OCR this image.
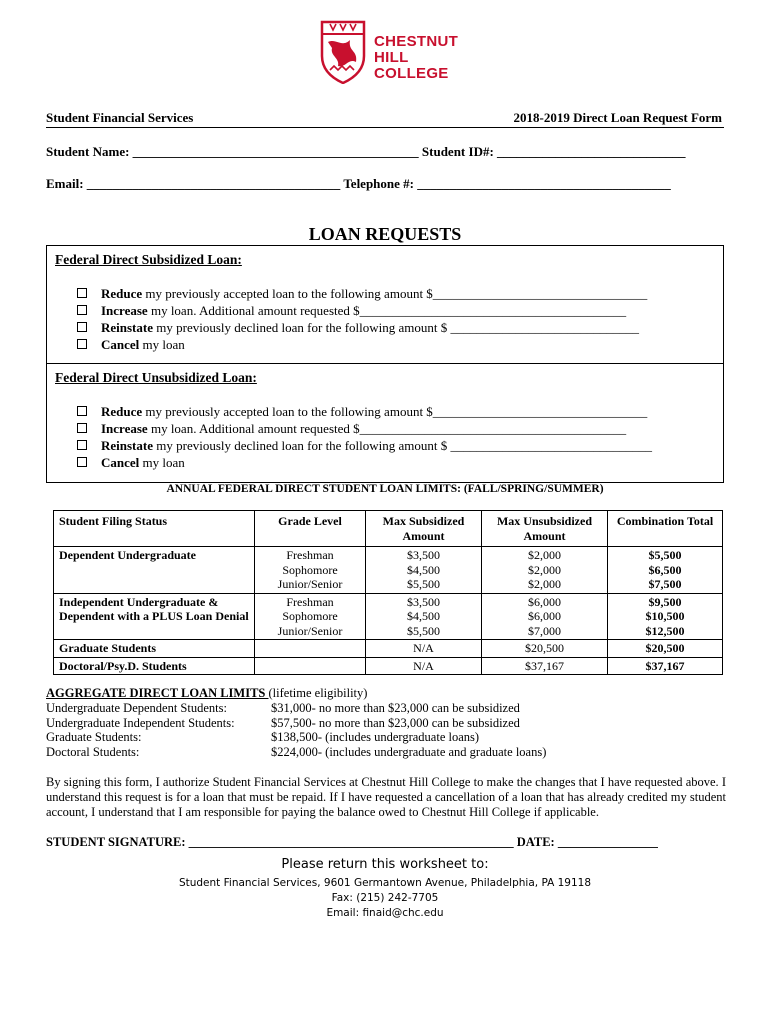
CHESTNUT
HILL
COLLEGE
Student Financial Services	2018-2019 Direct Loan Request Form
Student Name: ____________________________________________ Student ID#: _____________________________
Email: _______________________________________ Telephone #: _______________________________________
LOAN REQUESTS
Federal Direct Subsidized Loan:
Reduce my previously accepted loan to the following amount $_________________________________
Increase my loan. Additional amount requested $_________________________________________
Reinstate my previously declined loan for the following amount $ _____________________________
Cancel my loan
Federal Direct Unsubsidized Loan:
Reduce my previously accepted loan to the following amount $_________________________________
Increase my loan. Additional amount requested $_________________________________________
Reinstate my previously declined loan for the following amount $ _______________________________
Cancel my loan
ANNUAL FEDERAL DIRECT STUDENT LOAN LIMITS: (FALL/SPRING/SUMMER)
Student Filing Status	Grade Level	Max Subsidized Amount	Max Unsubsidized Amount	Combination Total
Dependent Undergraduate	Freshman
Sophomore
Junior/Senior	$3,500
$4,500
$5,500	$2,000
$2,000
$2,000	$5,500
$6,500
$7,500
Independent Undergraduate & Dependent with a PLUS Loan Denial	Freshman
Sophomore
Junior/Senior	$3,500
$4,500
$5,500	$6,000
$6,000
$7,000	$9,500
$10,500
$12,500
Graduate Students		N/A	$20,500	$20,500
Doctoral/Psy.D. Students		N/A	$37,167	$37,167
AGGREGATE DIRECT LOAN LIMITS (lifetime eligibility)
Undergraduate Dependent Students:	$31,000- no more than $23,000 can be subsidized
Undergraduate Independent Students:	$57,500- no more than $23,000 can be subsidized
Graduate Students:	$138,500- (includes undergraduate loans)
Doctoral Students:	$224,000- (includes undergraduate and graduate loans)
By signing this form, I authorize Student Financial Services at Chestnut Hill College to make the changes that I have requested above. I understand this request is for a loan that must be repaid. If I have requested a cancellation of a loan that has already credited my student account, I understand that I am responsible for paying the balance owed to Chestnut Hill College if applicable.
STUDENT SIGNATURE: ____________________________________________________ DATE: ________________
Please return this worksheet to:
Student Financial Services, 9601 Germantown Avenue, Philadelphia, PA 19118
Fax: (215) 242-7705
Email: finaid@chc.edu
